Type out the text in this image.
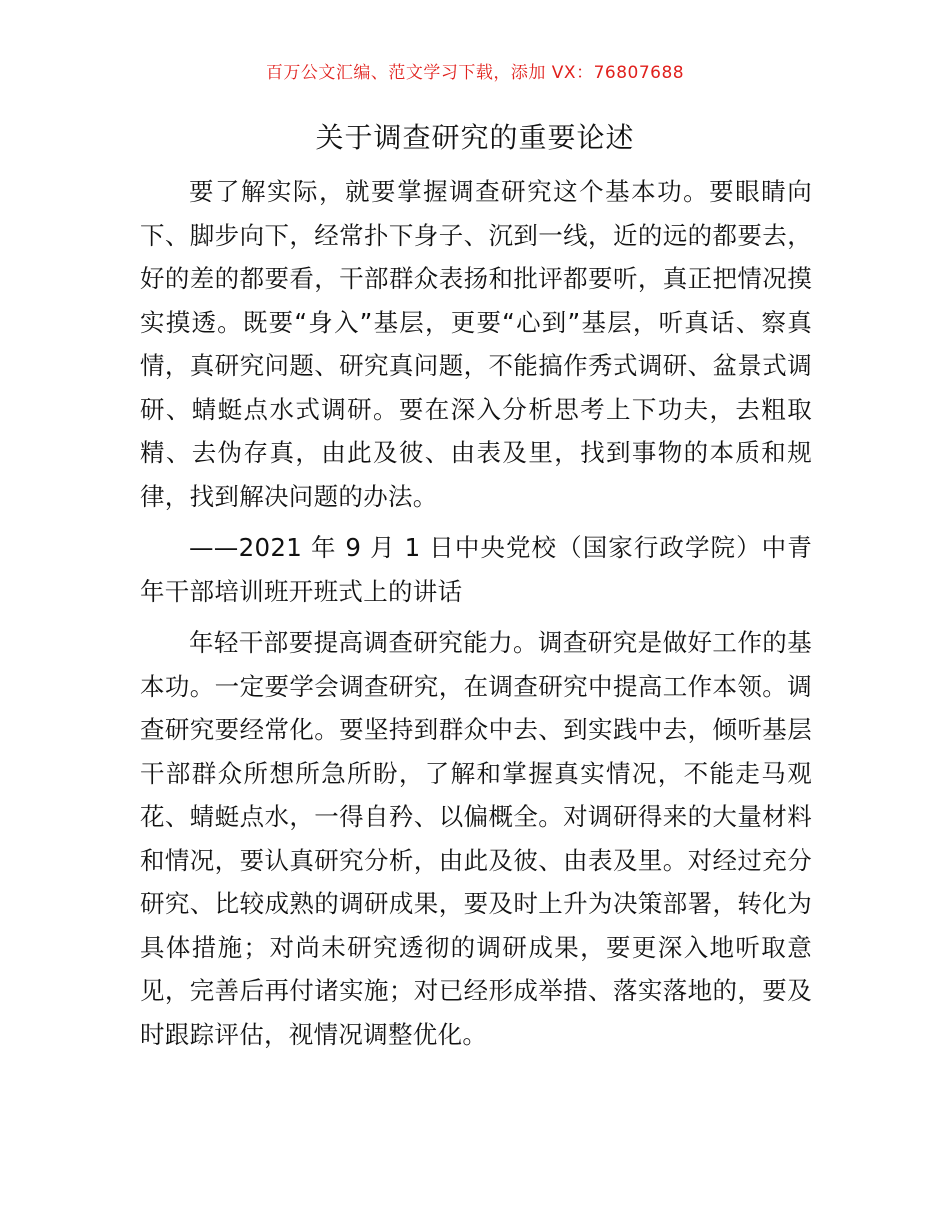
百万公文汇编、范文学习下载，添加 VX：76807688
关于调查研究的重要论述

要了解实际，就要掌握调查研究这个基本功。要眼睛向下、脚步向下，经常扑下身子、沉到一线，近的远的都要去，好的差的都要看，干部群众表扬和批评都要听，真正把情况摸实摸透。既要“身入”基层，更要“心到”基层，听真话、察真情，真研究问题、研究真问题，不能搞作秀式调研、盆景式调研、蜻蜓点水式调研。要在深入分析思考上下功夫，去粗取精、去伪存真，由此及彼、由表及里，找到事物的本质和规律，找到解决问题的办法。

——2021 年 9 月 1 日中央党校（国家行政学院）中青年干部培训班开班式上的讲话

年轻干部要提高调查研究能力。调查研究是做好工作的基本功。一定要学会调查研究，在调查研究中提高工作本领。调查研究要经常化。要坚持到群众中去、到实践中去，倾听基层干部群众所想所急所盼，了解和掌握真实情况，不能走马观花、蜻蜓点水，一得自矜、以偏概全。对调研得来的大量材料和情况，要认真研究分析，由此及彼、由表及里。对经过充分研究、比较成熟的调研成果，要及时上升为决策部署，转化为具体措施；对尚未研究透彻的调研成果，要更深入地听取意见，完善后再付诸实施；对已经形成举措、落实落地的，要及时跟踪评估，视情况调整优化。
